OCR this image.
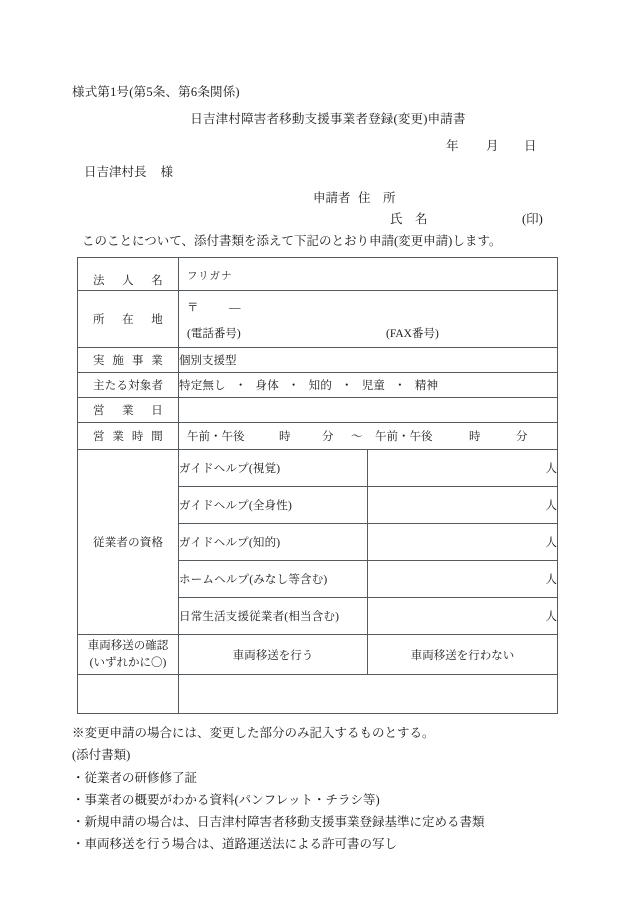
様式第1号(第5条、第6条関係)
日吉津村障害者移動支援事業者登録(変更)申請書
年 月 日
日吉津村長 様
申請者 住　所
氏　名	(印)
このことについて、添付書類を添えて下記のとおり申請(変更申請)します。
法人名	フリガナ	

所在地	〒 —
(電話番号) (FAX番号)	

実施事業	個別支援型	

主たる対象者	特定無し ・ 身体 ・ 知的 ・ 児童 ・ 精神	

営業日		

営業時間	午前・午後	時	分 ～ 午前・午後	時	分

従業者の資格	ガイドヘルプ(視覚)	人
	ガイドヘルプ(全身性)	人
	ガイドヘルプ(知的)	人
	ホームヘルプ(みなし等含む)	人
	日常生活支援従業者(相当含む)	人

車両移送の確認
(いずれかに〇)	車両移送を行う	車両移送を行わない

※変更申請の場合には、変更した部分のみ記入するものとする。
(添付書類)
・従業者の研修修了証
・事業者の概要がわかる資料(パンフレット・チラシ等)
・新規申請の場合は、日吉津村障害者移動支援事業登録基準に定める書類
・車両移送を行う場合は、道路運送法による許可書の写し
